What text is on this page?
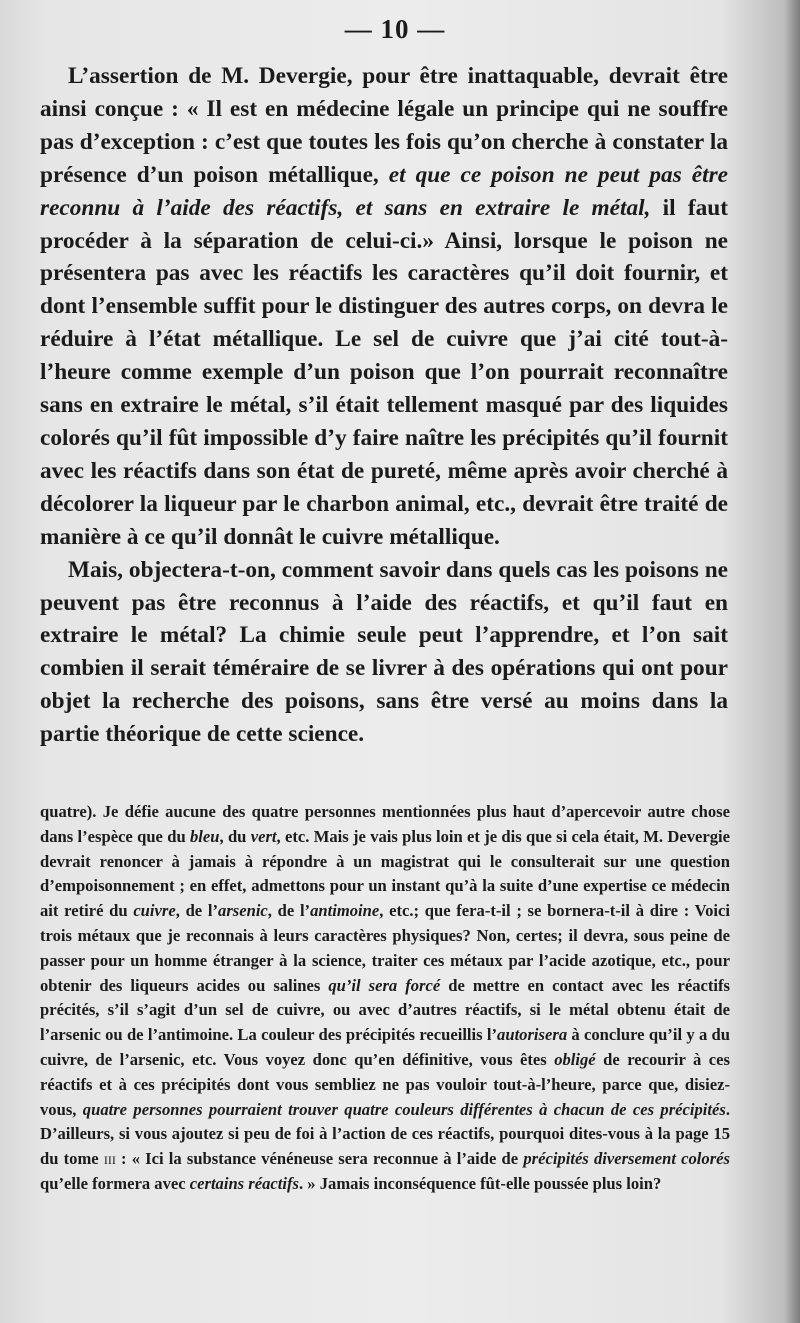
— 10 —

L’assertion de M. Devergie, pour être inattaquable, devrait être ainsi conçue : « Il est en médecine légale un principe qui ne souffre pas d’exception : c’est que toutes les fois qu’on cherche à constater la présence d’un poison métallique, et que ce poison ne peut pas être reconnu à l’aide des réactifs, et sans en extraire le métal, il faut procéder à la séparation de celui-ci.» Ainsi, lorsque le poison ne présentera pas avec les réactifs les caractères qu’il doit fournir, et dont l’ensemble suffit pour le distinguer des autres corps, on devra le réduire à l’état métallique. Le sel de cuivre que j’ai cité tout-à-l’heure comme exemple d’un poison que l’on pourrait reconnaître sans en extraire le métal, s’il était tellement masqué par des liquides colorés qu’il fût impossible d’y faire naître les précipités qu’il fournit avec les réactifs dans son état de pureté, même après avoir cherché à décolorer la liqueur par le charbon animal, etc., devrait être traité de manière à ce qu’il donnât le cuivre métallique.

Mais, objectera-t-on, comment savoir dans quels cas les poisons ne peuvent pas être reconnus à l’aide des réactifs, et qu’il faut en extraire le métal? La chimie seule peut l’apprendre, et l’on sait combien il serait téméraire de se livrer à des opérations qui ont pour objet la recherche des poisons, sans être versé au moins dans la partie théorique de cette science.

quatre). Je défie aucune des quatre personnes mentionnées plus haut d’apercevoir autre chose dans l’espèce que du bleu, du vert, etc. Mais je vais plus loin et je dis que si cela était, M. Devergie devrait renoncer à jamais à répondre à un magistrat qui le consulterait sur une question d’empoisonnement ; en effet, admettons pour un instant qu’à la suite d’une expertise ce médecin ait retiré du cuivre, de l’arsenic, de l’antimoine, etc.; que fera-t-il ; se bornera-t-il à dire : Voici trois métaux que je reconnais à leurs caractères physiques? Non, certes; il devra, sous peine de passer pour un homme étranger à la science, traiter ces métaux par l’acide azotique, etc., pour obtenir des liqueurs acides ou salines qu’il sera forcé de mettre en contact avec les réactifs précités, s’il s’agit d’un sel de cuivre, ou avec d’autres réactifs, si le métal obtenu était de l’arsenic ou de l’antimoine. La couleur des précipités recueillis l’autorisera à conclure qu’il y a du cuivre, de l’arsenic, etc. Vous voyez donc qu’en définitive, vous êtes obligé de recourir à ces réactifs et à ces précipités dont vous sembliez ne pas vouloir tout-à-l’heure, parce que, disiez-vous, quatre personnes pourraient trouver quatre couleurs différentes à chacun de ces précipités. D’ailleurs, si vous ajoutez si peu de foi à l’action de ces réactifs, pourquoi dites-vous à la page 15 du tome iii : « Ici la substance vénéneuse sera reconnue à l’aide de précipités diversement colorés qu’elle formera avec certains réactifs. » Jamais inconséquence fût-elle poussée plus loin?
